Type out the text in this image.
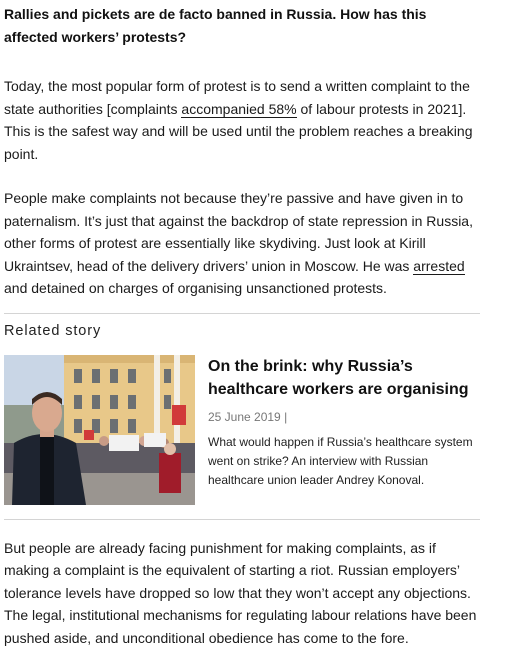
Rallies and pickets are de facto banned in Russia. How has this affected workers’ protests?

Today, the most popular form of protest is to send a written complaint to the state authorities [complaints accompanied 58% of labour protests in 2021]. This is the safest way and will be used until the problem reaches a breaking point.

People make complaints not because they’re passive and have given in to paternalism. It’s just that against the backdrop of state repression in Russia, other forms of protest are essentially like skydiving. Just look at Kirill Ukraintsev, head of the delivery drivers’ union in Moscow. He was arrested and detained on charges of organising unsanctioned protests.

Related story

On the brink: why Russia’s healthcare workers are organising

25 June 2019 |

What would happen if Russia’s healthcare system went on strike? An interview with Russian healthcare union leader Andrey Konoval.

But people are already facing punishment for making complaints, as if making a complaint is the equivalent of starting a riot. Russian employers’ tolerance levels have dropped so low that they won’t accept any objections. The legal, institutional mechanisms for regulating labour relations have been pushed aside, and unconditional obedience has come to the fore.
